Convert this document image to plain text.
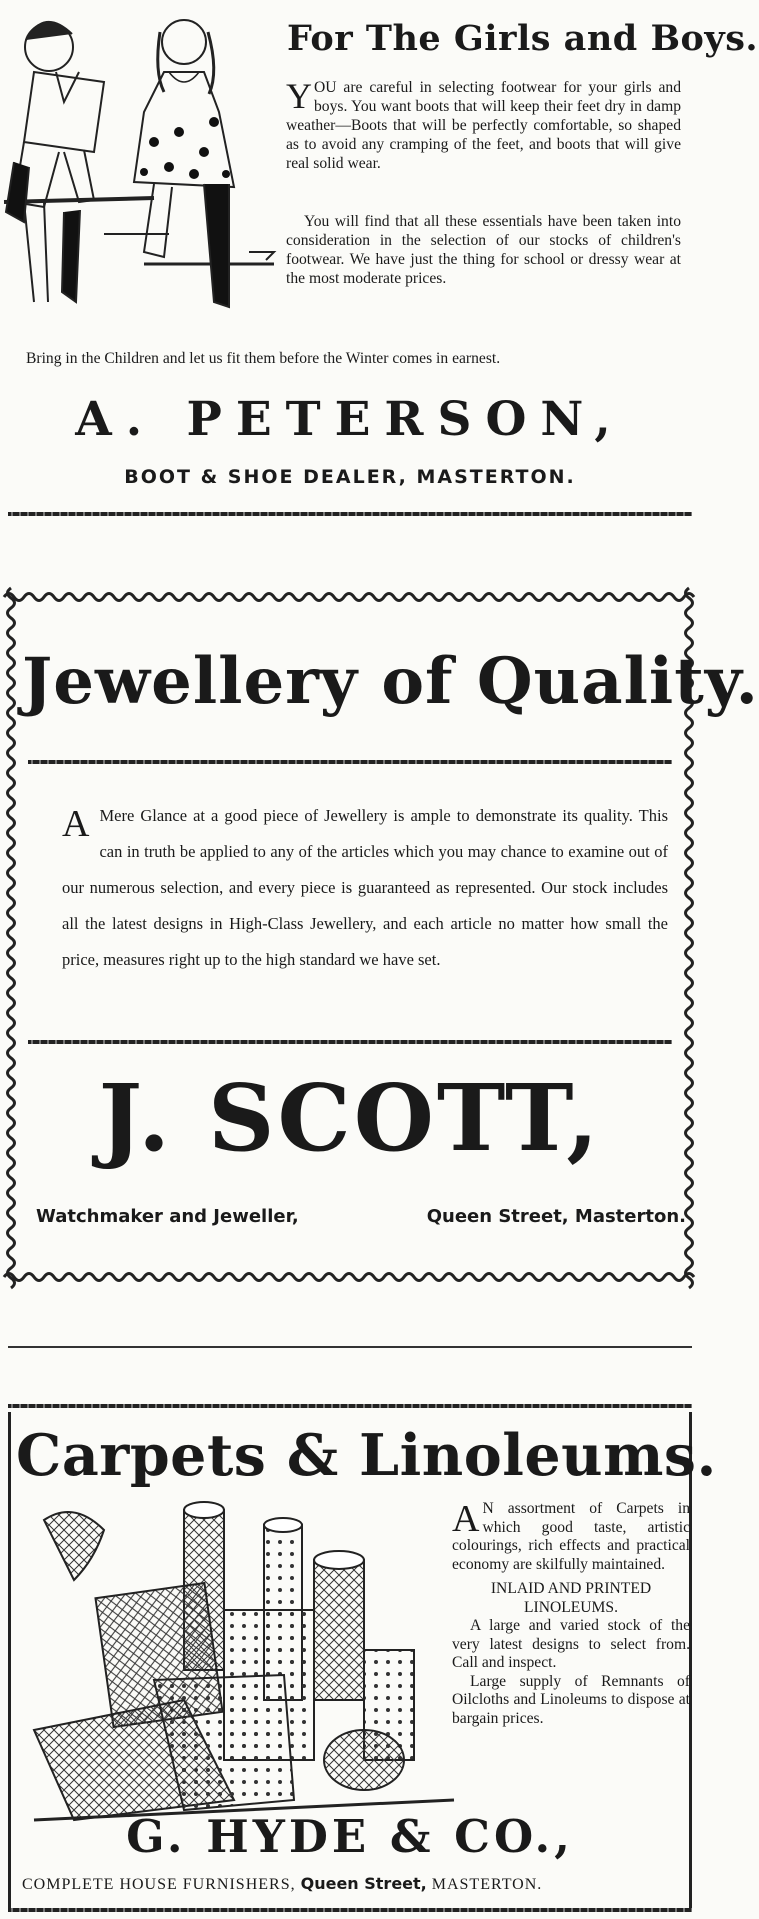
For The Girls and Boys.

YOU are careful in selecting footwear for your girls and boys. You want boots that will keep their feet dry in damp weather—Boots that will be perfectly comfortable, so shaped as to avoid any cramping of the feet, and boots that will give real solid wear.

You will find that all these essentials have been taken into consideration in the selection of our stocks of children's footwear. We have just the thing for school or dressy wear at the most moderate prices.

Bring in the Children and let us fit them before the Winter comes in earnest.

A. PETERSON,

BOOT & SHOE DEALER, MASTERTON.

Jewellery of Quality.

A Mere Glance at a good piece of Jewellery is ample to demonstrate its quality. This can in truth be applied to any of the articles which you may chance to examine out of our numerous selection, and every piece is guaranteed as represented. Our stock includes all the latest designs in High-Class Jewellery, and each article no matter how small the price, measures right up to the high standard we have set.

J. SCOTT,
Watchmaker and Jeweller,	Queen Street, Masterton.
Carpets & Linoleums.

A N assortment of Carpets in which good taste, artistic colourings, rich effects and practical economy are skilfully maintained.

INLAID AND PRINTED LINOLEUMS.

A large and varied stock of the very latest designs to select from. Call and inspect.

Large supply of Remnants of Oilcloths and Linoleums to dispose at bargain prices.

G. HYDE & CO.,

COMPLETE HOUSE FURNISHERS, Queen Street, MASTERTON.
